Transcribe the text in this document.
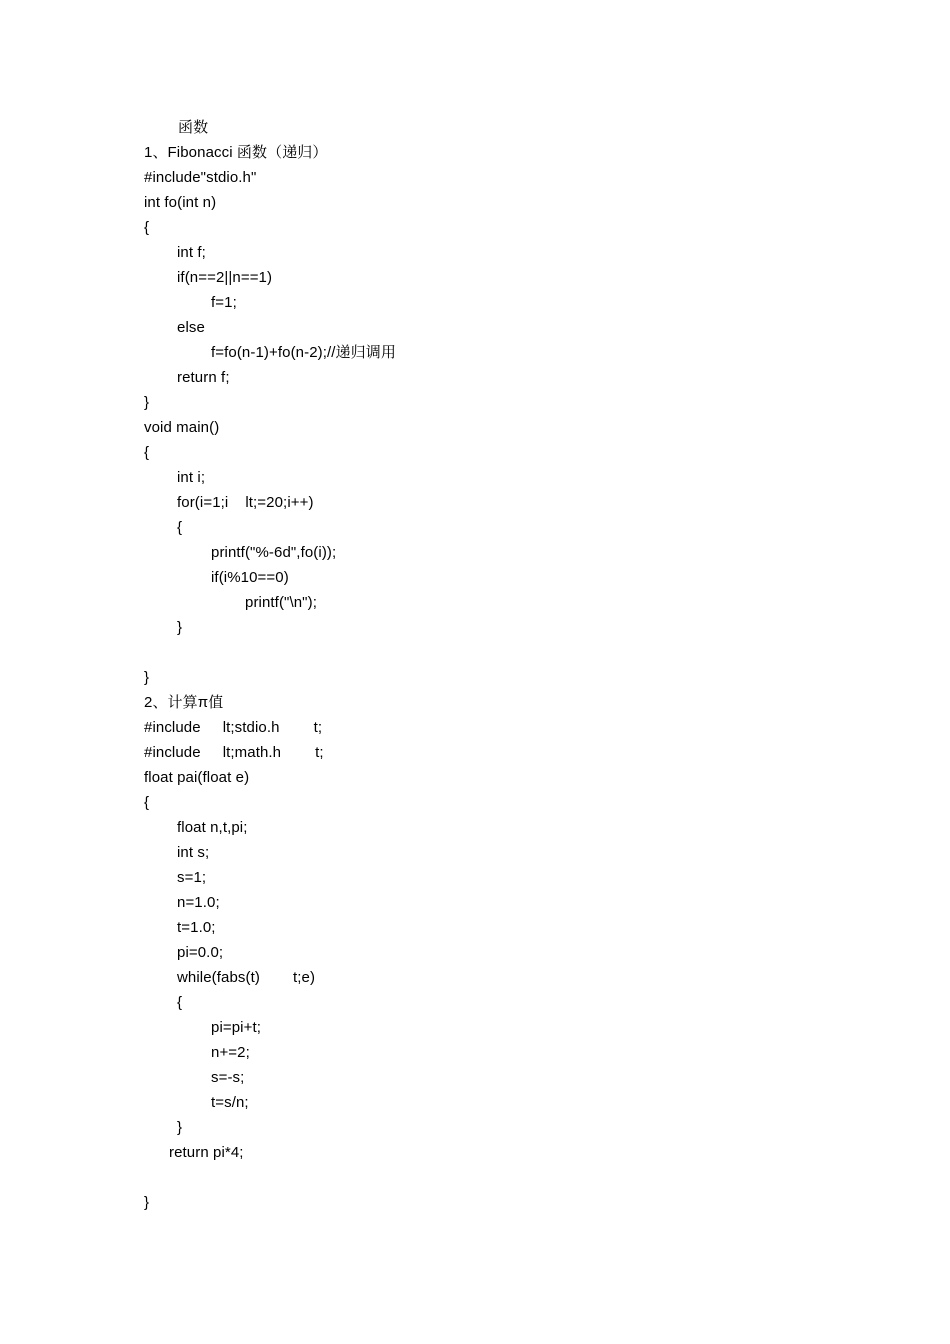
函数
1、Fibonacci 函数（递归）
#include"stdio.h"
int fo(int n)
{
int f;
if(n==2||n==1)
f=1;
else
f=fo(n-1)+fo(n-2);//递归调用
return f;
}
void main()
{
int i;
for(i=1;i lt;=20;i++)
{
printf("%-6d",fo(i));
if(i%10==0)
printf("\n");
}
}
2、计算π值
#include lt;stdio.h t;
#include lt;math.h t;
float pai(float e)
{
float n,t,pi;
int s;
s=1;
n=1.0;
t=1.0;
pi=0.0;
while(fabs(t) t;e)
{
pi=pi+t;
n+=2;
s=-s;
t=s/n;
}
return pi*4;
}
